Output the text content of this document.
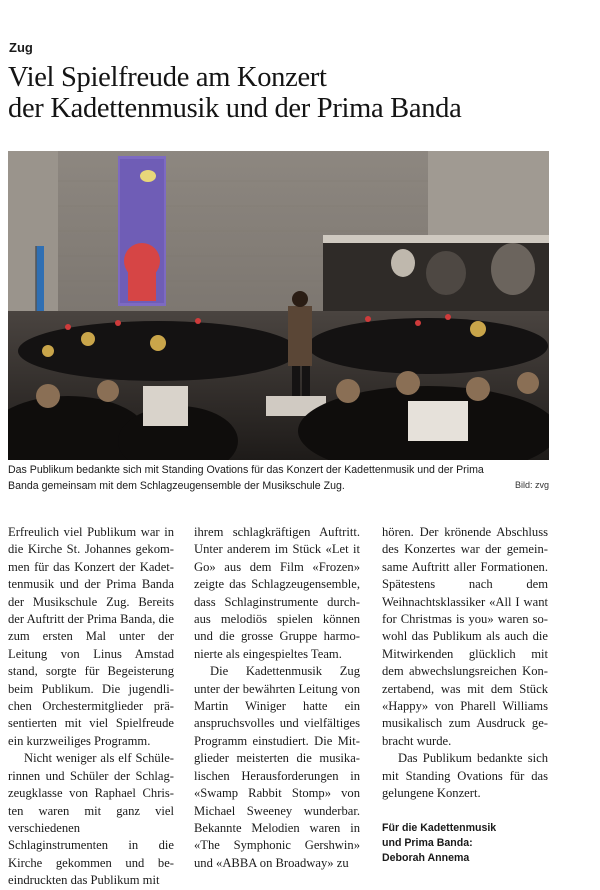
Zug
Viel Spielfreude am Konzert
der Kadettenmusik und der Prima Banda
Das Publikum bedankte sich mit Standing Ovations für das Konzert der Kadettenmusik und der Prima
Banda gemeinsam mit dem Schlagzeugensemble der Musikschule Zug.	Bild: zvg

Erfreulich viel Publikum war in die Kirche St. Johannes gekommen für das Konzert der Kadettenmusik und der Prima Banda der Musikschule Zug. Bereits der Auftritt der Prima Banda, die zum ersten Mal unter der Leitung von Linus Amstad stand, sorgte für Begeisterung beim Publikum. Die jugendlichen Orchestermitglieder präsentierten mit viel Spielfreude ein kurzweiliges Programm.

Nicht weniger als elf Schülerinnen und Schüler der Schlagzeugklasse von Raphael Christen waren mit ganz viel verschiedenen Schlaginstrumenten in die Kirche gekommen und beeindruckten das Publikum mit

ihrem schlagkräftigen Auftritt. Unter anderem im Stück «Let it Go» aus dem Film «Frozen» zeigte das Schlagzeugensemble, dass Schlaginstrumente durchaus melodiös spielen können und die grosse Gruppe harmonierte als eingespieltes Team.

Die Kadettenmusik Zug unter der bewährten Leitung von Martin Winiger hatte ein anspruchsvolles und vielfältiges Programm einstudiert. Die Mitglieder meisterten die musikalischen Herausforderungen in «Swamp Rabbit Stomp» von Michael Sweeney wunderbar. Bekannte Melodien waren in «The Symphonic Gershwin» und «ABBA on Broadway» zu

hören. Der krönende Abschluss des Konzertes war der gemeinsame Auftritt aller Formationen. Spätestens nach dem Weihnachtsklassiker «All I want for Christmas is you» waren sowohl das Publikum als auch die Mitwirkenden glücklich mit dem abwechslungsreichen Konzertabend, was mit dem Stück «Happy» von Pharell Williams musikalisch zum Ausdruck gebracht wurde.

Das Publikum bedankte sich mit Standing Ovations für das gelungene Konzert.

Für die Kadettenmusik
und Prima Banda:
Deborah Annema
